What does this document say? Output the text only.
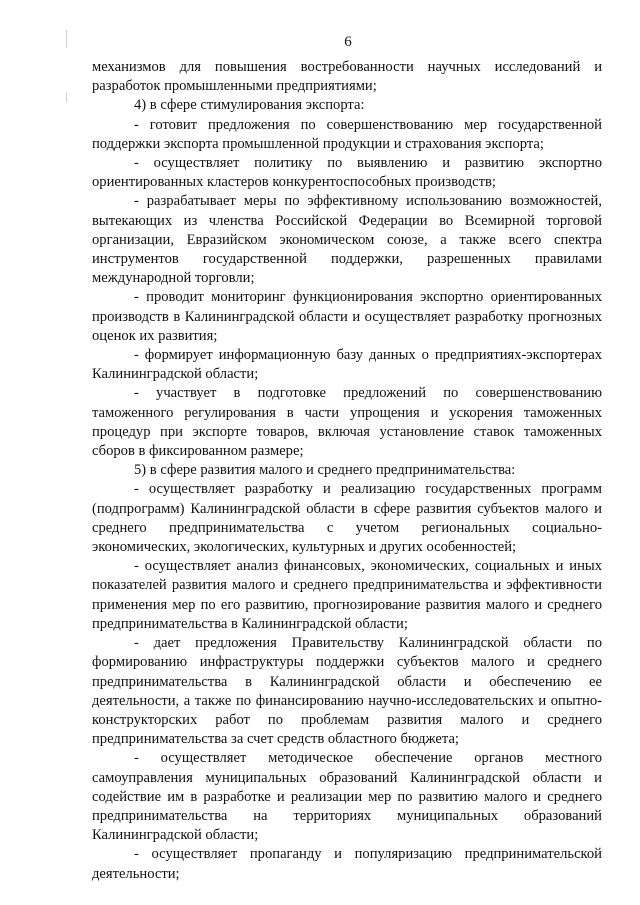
6

механизмов для повышения востребованности научных исследований и разработок промышленными предприятиями;

4) в сфере стимулирования экспорта:

- готовит предложения по совершенствованию мер государственной поддержки экспорта промышленной продукции и страхования экспорта;

- осуществляет политику по выявлению и развитию экспортно ориентированных кластеров конкурентоспособных производств;

- разрабатывает меры по эффективному использованию возможностей, вытекающих из членства Российской Федерации во Всемирной торговой организации, Евразийском экономическом союзе, а также всего спектра инструментов государственной поддержки, разрешенных правилами международной торговли;

- проводит мониторинг функционирования экспортно ориентированных производств в Калининградской области и осуществляет разработку прогнозных оценок их развития;

- формирует информационную базу данных о предприятиях-экспортерах Калининградской области;

- участвует в подготовке предложений по совершенствованию таможенного регулирования в части упрощения и ускорения таможенных процедур при экспорте товаров, включая установление ставок таможенных сборов в фиксированном размере;

5) в сфере развития малого и среднего предпринимательства:

- осуществляет разработку и реализацию государственных программ (подпрограмм) Калининградской области в сфере развития субъектов малого и среднего предпринимательства с учетом региональных социально-экономических, экологических, культурных и других особенностей;

- осуществляет анализ финансовых, экономических, социальных и иных показателей развития малого и среднего предпринимательства и эффективности применения мер по его развитию, прогнозирование развития малого и среднего предпринимательства в Калининградской области;

- дает предложения Правительству Калининградской области по формированию инфраструктуры поддержки субъектов малого и среднего предпринимательства в Калининградской области и обеспечению ее деятельности, а также по финансированию научно-исследовательских и опытно-конструкторских работ по проблемам развития малого и среднего предпринимательства за счет средств областного бюджета;

- осуществляет методическое обеспечение органов местного самоуправления муниципальных образований Калининградской области и содействие им в разработке и реализации мер по развитию малого и среднего предпринимательства на территориях муниципальных образований Калининградской области;

- осуществляет пропаганду и популяризацию предпринимательской деятельности;
